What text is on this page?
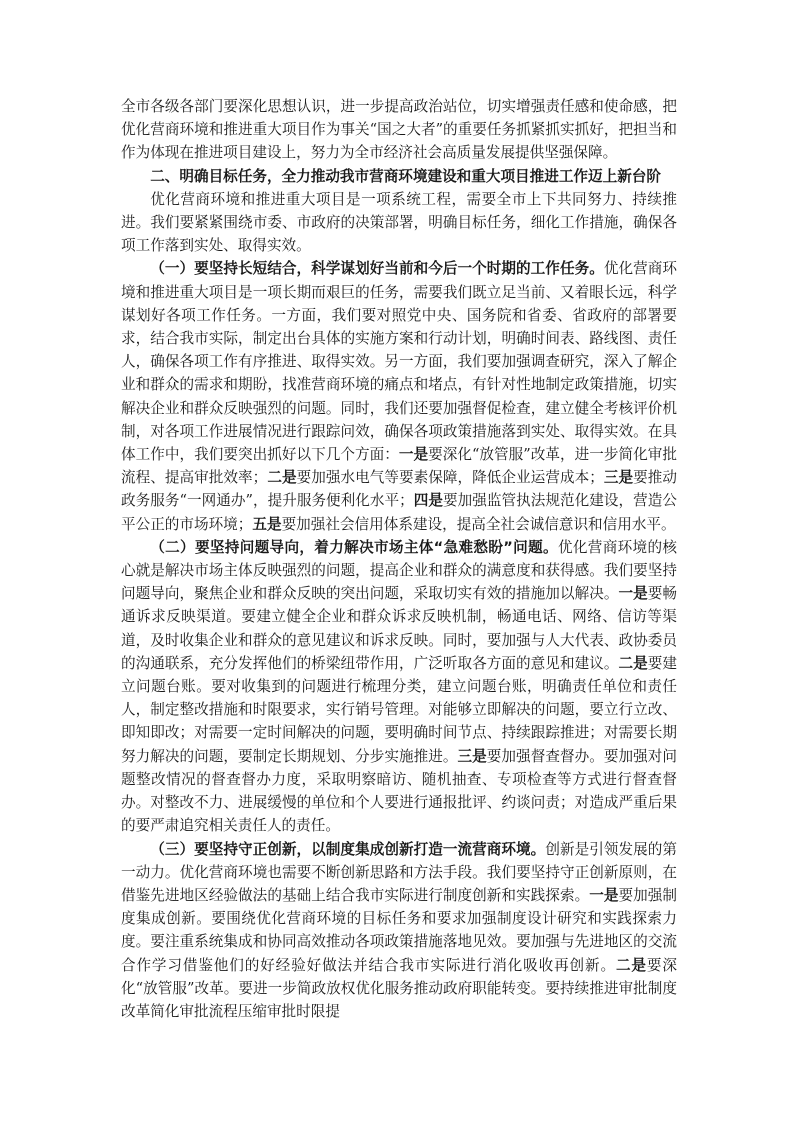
全市各级各部门要深化思想认识，进一步提高政治站位，切实增强责任感和使命感，把优化营商环境和推进重大项目作为事关“国之大者”的重要任务抓紧抓实抓好，把担当和作为体现在推进项目建设上，努力为全市经济社会高质量发展提供坚强保障。

二、明确目标任务，全力推动我市营商环境建设和重大项目推进工作迈上新台阶

优化营商环境和推进重大项目是一项系统工程，需要全市上下共同努力、持续推进。我们要紧紧围绕市委、市政府的决策部署，明确目标任务，细化工作措施，确保各项工作落到实处、取得实效。

（一）要坚持长短结合，科学谋划好当前和今后一个时期的工作任务。优化营商环境和推进重大项目是一项长期而艰巨的任务，需要我们既立足当前、又着眼长远，科学谋划好各项工作任务。一方面，我们要对照党中央、国务院和省委、省政府的部署要求，结合我市实际，制定出台具体的实施方案和行动计划，明确时间表、路线图、责任人，确保各项工作有序推进、取得实效。另一方面，我们要加强调查研究，深入了解企业和群众的需求和期盼，找准营商环境的痛点和堵点，有针对性地制定政策措施，切实解决企业和群众反映强烈的问题。同时，我们还要加强督促检查，建立健全考核评价机制，对各项工作进展情况进行跟踪问效，确保各项政策措施落到实处、取得实效。在具体工作中，我们要突出抓好以下几个方面：一是要深化“放管服”改革，进一步简化审批流程、提高审批效率；二是要加强水电气等要素保障，降低企业运营成本；三是要推动政务服务“一网通办”，提升服务便利化水平；四是要加强监管执法规范化建设，营造公平公正的市场环境；五是要加强社会信用体系建设，提高全社会诚信意识和信用水平。

（二）要坚持问题导向，着力解决市场主体“急难愁盼”问题。优化营商环境的核心就是解决市场主体反映强烈的问题，提高企业和群众的满意度和获得感。我们要坚持问题导向，聚焦企业和群众反映的突出问题，采取切实有效的措施加以解决。一是要畅通诉求反映渠道。要建立健全企业和群众诉求反映机制，畅通电话、网络、信访等渠道，及时收集企业和群众的意见建议和诉求反映。同时，要加强与人大代表、政协委员的沟通联系，充分发挥他们的桥梁纽带作用，广泛听取各方面的意见和建议。二是要建立问题台账。要对收集到的问题进行梳理分类，建立问题台账，明确责任单位和责任人，制定整改措施和时限要求，实行销号管理。对能够立即解决的问题，要立行立改、即知即改；对需要一定时间解决的问题，要明确时间节点、持续跟踪推进；对需要长期努力解决的问题，要制定长期规划、分步实施推进。三是要加强督查督办。要加强对问题整改情况的督查督办力度，采取明察暗访、随机抽查、专项检查等方式进行督查督办。对整改不力、进展缓慢的单位和个人要进行通报批评、约谈问责；对造成严重后果的要严肃追究相关责任人的责任。

（三）要坚持守正创新，以制度集成创新打造一流营商环境。创新是引领发展的第一动力。优化营商环境也需要不断创新思路和方法手段。我们要坚持守正创新原则，在借鉴先进地区经验做法的基础上结合我市实际进行制度创新和实践探索。一是要加强制度集成创新。要围绕优化营商环境的目标任务和要求加强制度设计研究和实践探索力度。要注重系统集成和协同高效推动各项政策措施落地见效。要加强与先进地区的交流合作学习借鉴他们的好经验好做法并结合我市实际进行消化吸收再创新。二是要深化“放管服”改革。要进一步简政放权优化服务推动政府职能转变。要持续推进审批制度改革简化审批流程压缩审批时限提
